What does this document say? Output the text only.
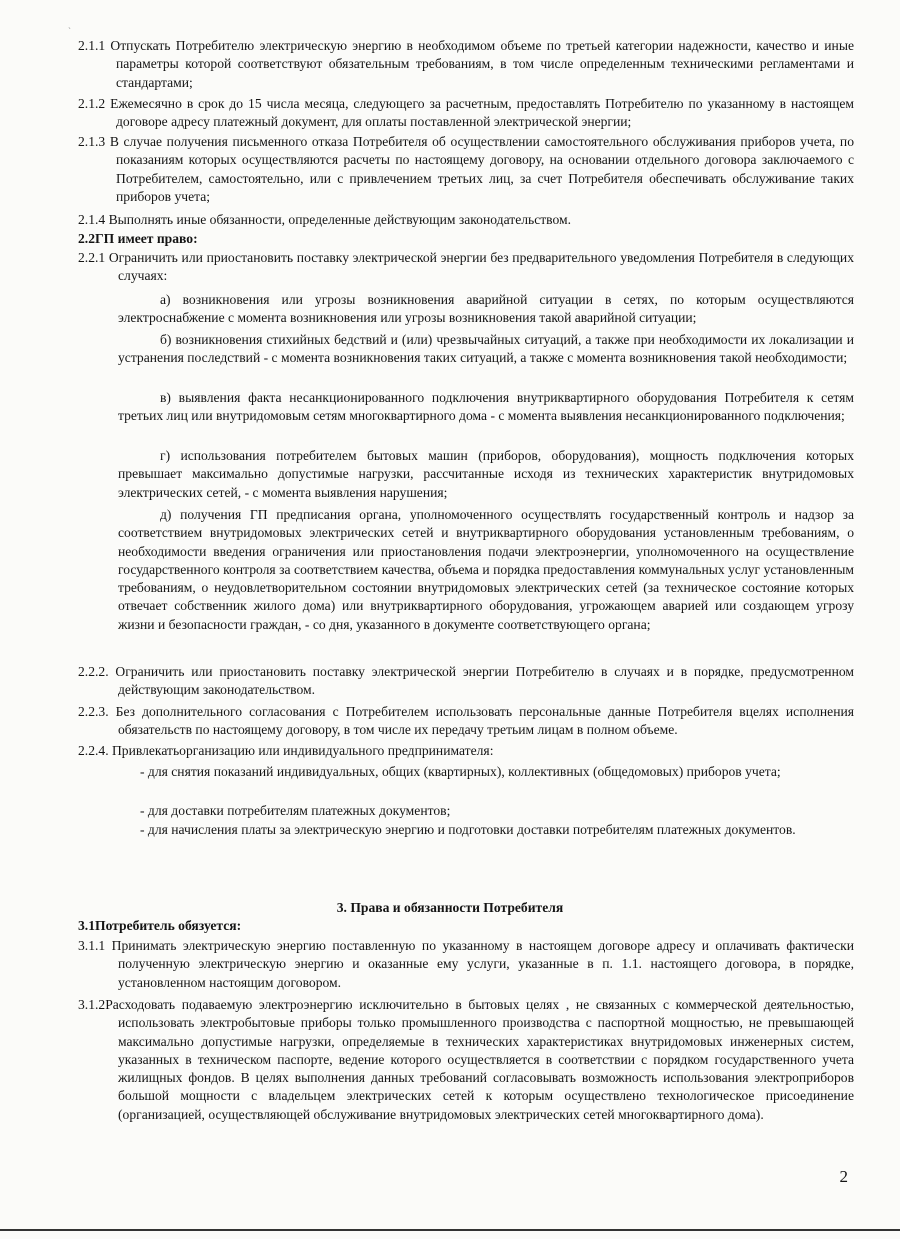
`

2.1.1 Отпускать Потребителю электрическую энергию в необходимом объеме по третьей категории надежности, качество и иные параметры которой соответствуют обязательным требованиям, в том числе определенным техническими регламентами и стандартами;

2.1.2 Ежемесячно в срок до 15 числа месяца, следующего за расчетным, предоставлять Потребителю по указанному в настоящем договоре адресу платежный документ, для оплаты поставленной электрической энергии;

2.1.3 В случае получения письменного отказа Потребителя об осуществлении самостоятельного обслуживания приборов учета, по показаниям которых осуществляются расчеты по настоящему договору, на основании отдельного договора заключаемого с Потребителем, самостоятельно, или с привлечением третьих лиц, за счет Потребителя обеспечивать обслуживание таких приборов учета;

2.1.4 Выполнять иные обязанности, определенные действующим законодательством.

2.2ГП имеет право:

2.2.1 Ограничить или приостановить поставку электрической энергии без предварительного уведомления Потребителя в следующих случаях:

а) возникновения или угрозы возникновения аварийной ситуации в сетях, по которым осуществляются электроснабжение с момента возникновения или угрозы возникновения такой аварийной ситуации;

б) возникновения стихийных бедствий и (или) чрезвычайных ситуаций, а также при необходимости их локализации и устранения последствий - с момента возникновения таких ситуаций, а также с момента возникновения такой необходимости;

в) выявления факта несанкционированного подключения внутриквартирного оборудования Потребителя к сетям третьих лиц или внутридомовым сетям многоквартирного дома - с момента выявления несанкционированного подключения;

г) использования потребителем бытовых машин (приборов, оборудования), мощность подключения которых превышает максимально допустимые нагрузки, рассчитанные исходя из технических характеристик внутридомовых электрических сетей, - с момента выявления нарушения;

д) получения ГП предписания органа, уполномоченного осуществлять государственный контроль и надзор за соответствием внутридомовых электрических сетей и внутриквартирного оборудования установленным требованиям, о необходимости введения ограничения или приостановления подачи электроэнергии, уполномоченного на осуществление государственного контроля за соответствием качества, объема и порядка предоставления коммунальных услуг установленным требованиям, о неудовлетворительном состоянии внутридомовых электрических сетей (за техническое состояние которых отвечает собственник жилого дома) или внутриквартирного оборудования, угрожающем аварией или создающем угрозу жизни и безопасности граждан, - со дня, указанного в документе соответствующего органа;

2.2.2. Ограничить или приостановить поставку электрической энергии Потребителю в случаях и в порядке, предусмотренном действующим законодательством.

2.2.3. Без дополнительного согласования с Потребителем использовать персональные данные Потребителя вцелях исполнения обязательств по настоящему договору, в том числе их передачу третьим лицам в полном объеме.

2.2.4. Привлекатьорганизацию или индивидуального предпринимателя:

- для снятия показаний индивидуальных, общих (квартирных), коллективных (общедомовых) приборов учета;

- для доставки потребителям платежных документов;

- для начисления платы за электрическую энергию и подготовки доставки потребителям платежных документов.

3. Права и обязанности Потребителя

3.1Потребитель обязуется:

3.1.1 Принимать электрическую энергию поставленную по указанному в настоящем договоре адресу и оплачивать фактически полученную электрическую энергию и оказанные ему услуги, указанные в п. 1.1. настоящего договора, в порядке, установленном настоящим договором.

3.1.2Расходовать подаваемую электроэнергию исключительно в бытовых целях , не связанных с коммерческой деятельностью, использовать электробытовые приборы только промышленного производства с паспортной мощностью, не превышающей максимально допустимые нагрузки, определяемые в технических характеристиках внутридомовых инженерных систем, указанных в техническом паспорте, ведение которого осуществляется в соответствии с порядком государственного учета жилищных фондов. В целях выполнения данных требований согласовывать возможность использования электроприборов большой мощности с владельцем электрических сетей к которым осуществлено технологическое присоединение (организацией, осуществляющей обслуживание внутридомовых электрических сетей многоквартирного дома).

2
